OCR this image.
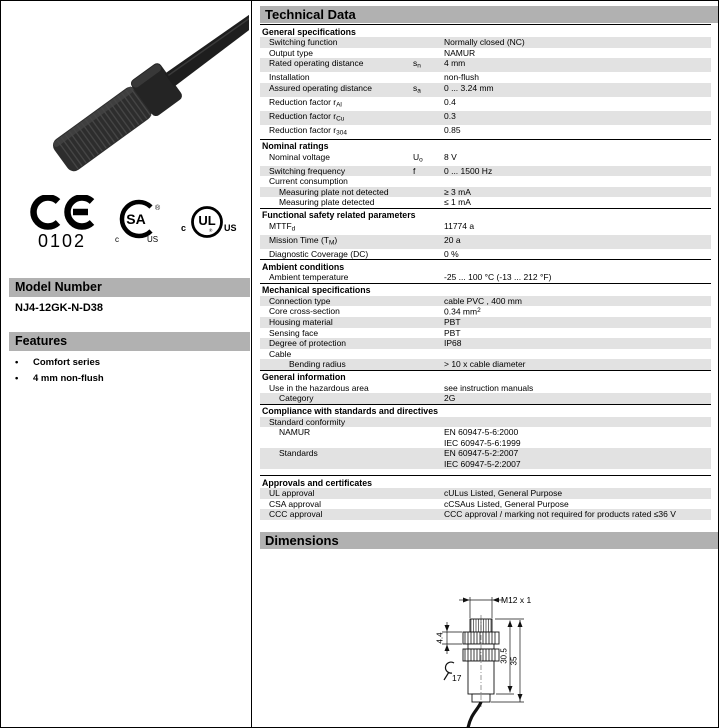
0102
SA
®
c	US
UL
®
c	US
Model Number
NJ4-12GK-N-D38
Features
•	Comfort series
•	4 mm non-flush
Technical Data
General specifications
Switching function	Normally closed (NC)
Output type	NAMUR
Rated operating distance	$s_n$	4 mm
Installation	non-flush
Assured operating distance	$s_a$	0 ... 3.24 mm
Reduction factor $r_{Al}$	0.4
Reduction factor $r_{Cu}$	0.3
Reduction factor $r_{304}$	0.85
Nominal ratings
Nominal voltage	$U_o$	8 V
Switching frequency	f	0 ... 1500 Hz
Current consumption
Measuring plate not detected	≥ 3 mA
Measuring plate detected	≤ 1 mA
Functional safety related parameters
$MTTF_d$	11774 a
Mission Time $(T_M)$	20 a
Diagnostic Coverage (DC)	0 %
Ambient conditions
Ambient temperature	-25 ... 100 °C (-13 ... 212 °F)
Mechanical specifications
Connection type	cable PVC , 400 mm
Core cross-section	0.34 $mm^2$
Housing material	PBT
Sensing face	PBT
Degree of protection	IP68
Cable
Bending radius	> 10 x cable diameter
General information
Use in the hazardous area	see instruction manuals
Category	2G
Compliance with standards and directives
Standard conformity
NAMUR	EN 60947-5-6:2000
IEC 60947-5-6:1999
Standards	EN 60947-5-2:2007
IEC 60947-5-2:2007
Approvals and certificates
UL approval	cULus Listed, General Purpose
CSA approval	cCSAus Listed, General Purpose
CCC approval	CCC approval / marking not required for products rated ≤36 V
Dimensions
M12 x 1
30.5 35
4.4
17
